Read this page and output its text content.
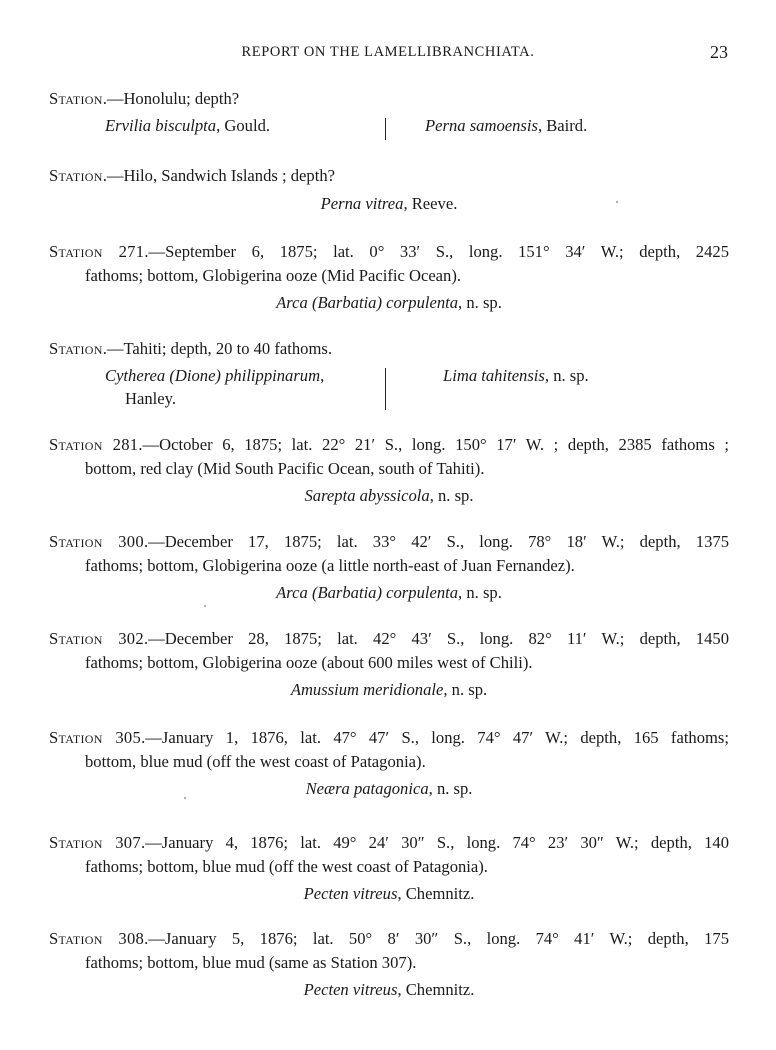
REPORT ON THE LAMELLIBRANCHIATA.	23
Station.—Honolulu; depth?
Ervilia bisculpta, Gould.	Perna samoensis, Baird.
Station.—Hilo, Sandwich Islands ; depth?
Perna vitrea, Reeve.
Station 271.—September 6, 1875; lat. 0° 33′ S., long. 151° 34′ W.; depth, 2425
fathoms; bottom, Globigerina ooze (Mid Pacific Ocean).
Arca (Barbatia) corpulenta, n. sp.
Station.—Tahiti; depth, 20 to 40 fathoms.
Cytherea (Dione) philippinarum,
Hanley.
Lima tahitensis, n. sp.
Station 281.—October 6, 1875; lat. 22° 21′ S., long. 150° 17′ W. ; depth, 2385 fathoms ;
bottom, red clay (Mid South Pacific Ocean, south of Tahiti).
Sarepta abyssicola, n. sp.
Station 300.—December 17, 1875; lat. 33° 42′ S., long. 78° 18′ W.; depth, 1375
fathoms; bottom, Globigerina ooze (a little north-east of Juan Fernandez).
Arca (Barbatia) corpulenta, n. sp.
Station 302.—December 28, 1875; lat. 42° 43′ S., long. 82° 11′ W.; depth, 1450
fathoms; bottom, Globigerina ooze (about 600 miles west of Chili).
Amussium meridionale, n. sp.
Station 305.—January 1, 1876, lat. 47° 47′ S., long. 74° 47′ W.; depth, 165 fathoms;
bottom, blue mud (off the west coast of Patagonia).
Neæra patagonica, n. sp.
Station 307.—January 4, 1876; lat. 49° 24′ 30″ S., long. 74° 23′ 30″ W.; depth, 140
fathoms; bottom, blue mud (off the west coast of Patagonia).
Pecten vitreus, Chemnitz.
Station 308.—January 5, 1876; lat. 50° 8′ 30″ S., long. 74° 41′ W.; depth, 175
fathoms; bottom, blue mud (same as Station 307).
Pecten vitreus, Chemnitz.
